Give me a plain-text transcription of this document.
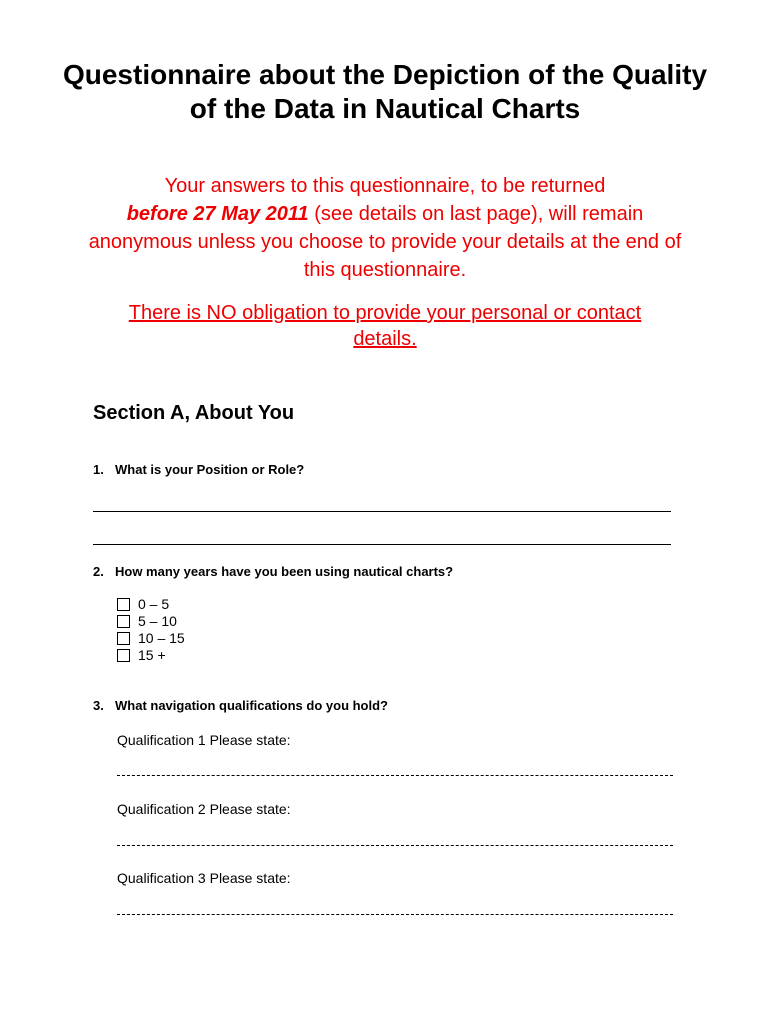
Questionnaire about the Depiction of the Quality of the Data in Nautical Charts
Your answers to this questionnaire, to be returned
before 27 May 2011 (see details on last page), will remain anonymous unless you choose to provide your details at the end of this questionnaire.
There is NO obligation to provide your personal or contact details.
Section A, About You
1. What is your Position or Role?
2. How many years have you been using nautical charts?
0 – 5
5 – 10
10 – 15
15 +
3. What navigation qualifications do you hold?
Qualification 1 Please state:
Qualification 2 Please state:
Qualification 3 Please state:
